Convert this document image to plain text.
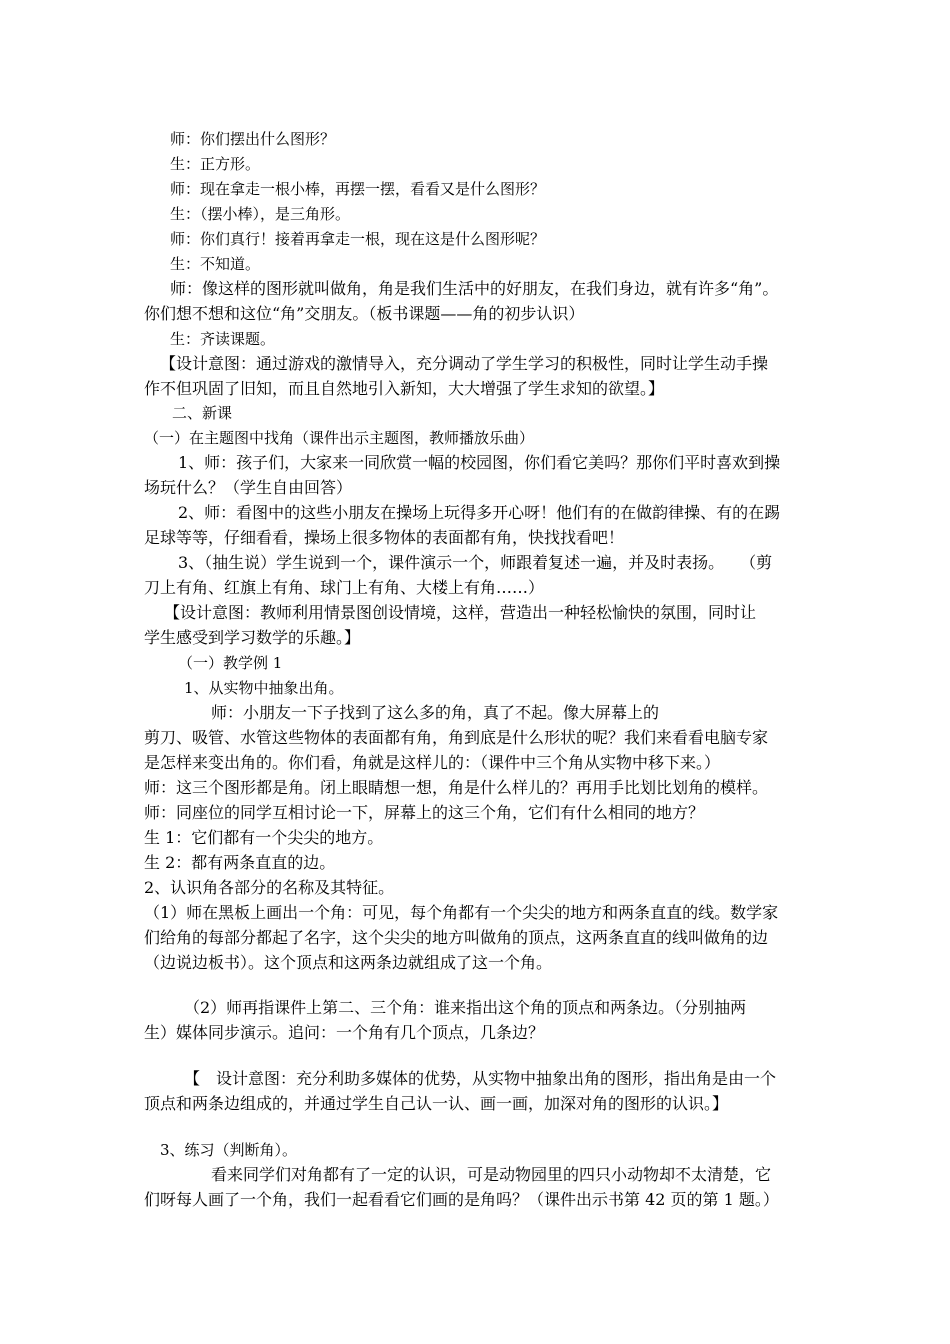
师：你们摆出什么图形？
生：正方形。
师：现在拿走一根小棒，再摆一摆，看看又是什么图形？
生：（摆小棒），是三角形。
师：你们真行！接着再拿走一根，现在这是什么图形呢？
生：不知道。
师：像这样的图形就叫做角，角是我们生活中的好朋友，在我们身边，就有许多“角”。
你们想不想和这位“角”交朋友。（板书课题——角的初步认识）
生：齐读课题。
【设计意图：通过游戏的激情导入，充分调动了学生学习的积极性，同时让学生动手操
作不但巩固了旧知，而且自然地引入新知，大大增强了学生求知的欲望。】
二、新课
（一）在主题图中找角（课件出示主题图，教师播放乐曲）
1、师：孩子们，大家来一同欣赏一幅的校园图，你们看它美吗？那你们平时喜欢到操
场玩什么？（学生自由回答）
2、师：看图中的这些小朋友在操场上玩得多开心呀！他们有的在做韵律操、有的在踢
足球等等，仔细看看，操场上很多物体的表面都有角，快找找看吧！
3、（抽生说）学生说到一个，课件演示一个，师跟着复述一遍，并及时表扬。　　（剪
刀上有角、红旗上有角、球门上有角、大楼上有角……）
【设计意图：教师利用情景图创设情境，这样，营造出一种轻松愉快的氛围，同时让
学生感受到学习数学的乐趣。】
（一）教学例 1
1、从实物中抽象出角。
师：小朋友一下子找到了这么多的角，真了不起。像大屏幕上的
剪刀、吸管、水管这些物体的表面都有角，角到底是什么形状的呢？我们来看看电脑专家
是怎样来变出角的。你们看，角就是这样儿的：（课件中三个角从实物中移下来。）
师：这三个图形都是角。闭上眼睛想一想，角是什么样儿的？再用手比划比划角的模样。
师：同座位的同学互相讨论一下，屏幕上的这三个角，它们有什么相同的地方？
生 1：它们都有一个尖尖的地方。
生 2：都有两条直直的边。
2、认识角各部分的名称及其特征。
（1）师在黑板上画出一个角：可见，每个角都有一个尖尖的地方和两条直直的线。数学家
们给角的每部分都起了名字，这个尖尖的地方叫做角的顶点，这两条直直的线叫做角的边
（边说边板书）。这个顶点和这两条边就组成了这一个角。
（2）师再指课件上第二、三个角：谁来指出这个角的顶点和两条边。（分别抽两
生）媒体同步演示。追问：一个角有几个顶点，几条边？
【　设计意图：充分利助多媒体的优势，从实物中抽象出角的图形，指出角是由一个
顶点和两条边组成的，并通过学生自己认一认、画一画，加深对角的图形的认识。】
3、练习（判断角）。
看来同学们对角都有了一定的认识，可是动物园里的四只小动物却不太清楚，它
们呀每人画了一个角，我们一起看看它们画的是角吗？（课件出示书第 42 页的第 1 题。）
